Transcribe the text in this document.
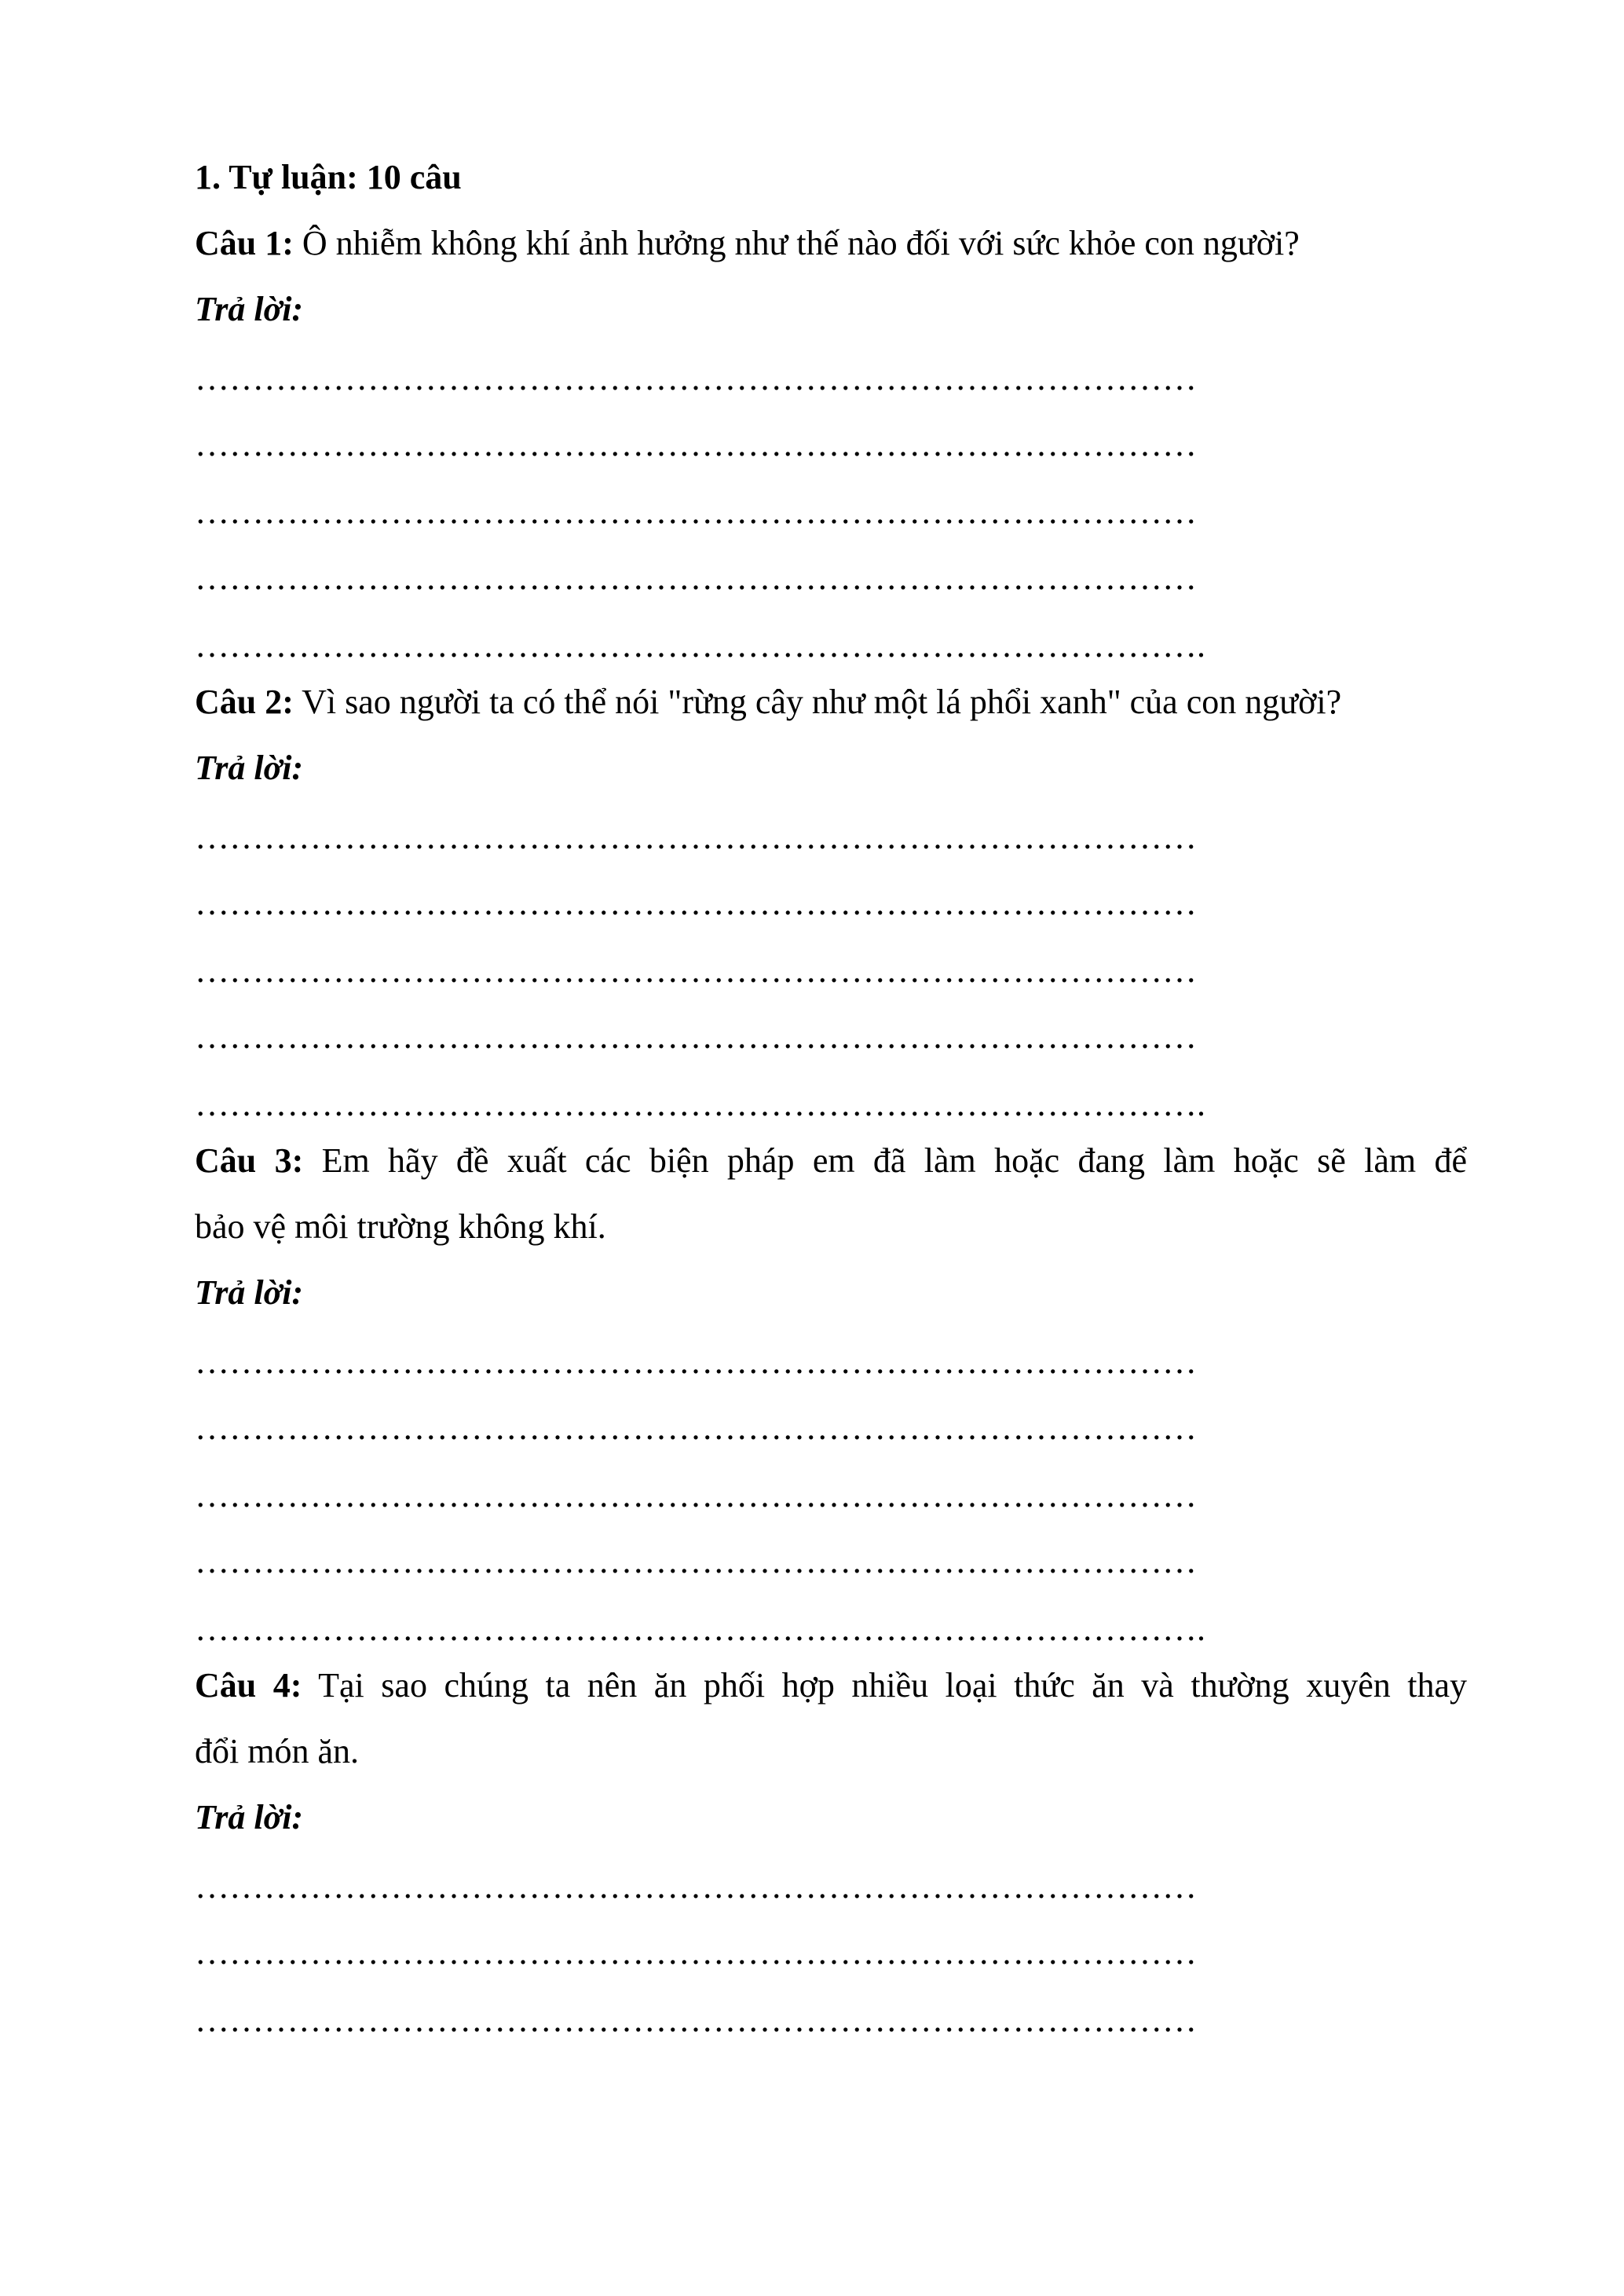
1. Tự luận: 10 câu
Câu 1: Ô nhiễm không khí ảnh hưởng như thế nào đối với sức khỏe con người?
Trả lời:
……………………………………………………………………………
……………………………………………………………………………
……………………………………………………………………………
……………………………………………………………………………
…………………………………………………………………………….
Câu 2: Vì sao người ta có thể nói "rừng cây như một lá phổi xanh" của con người?
Trả lời:
……………………………………………………………………………
……………………………………………………………………………
……………………………………………………………………………
……………………………………………………………………………
…………………………………………………………………………….
Câu 3: Em hãy đề xuất các biện pháp em đã làm hoặc đang làm hoặc sẽ làm để
bảo vệ môi trường không khí.
Trả lời:
……………………………………………………………………………
……………………………………………………………………………
……………………………………………………………………………
……………………………………………………………………………
…………………………………………………………………………….
Câu 4: Tại sao chúng ta nên ăn phối hợp nhiều loại thức ăn và thường xuyên thay
đổi món ăn.
Trả lời:
……………………………………………………………………………
……………………………………………………………………………
……………………………………………………………………………
